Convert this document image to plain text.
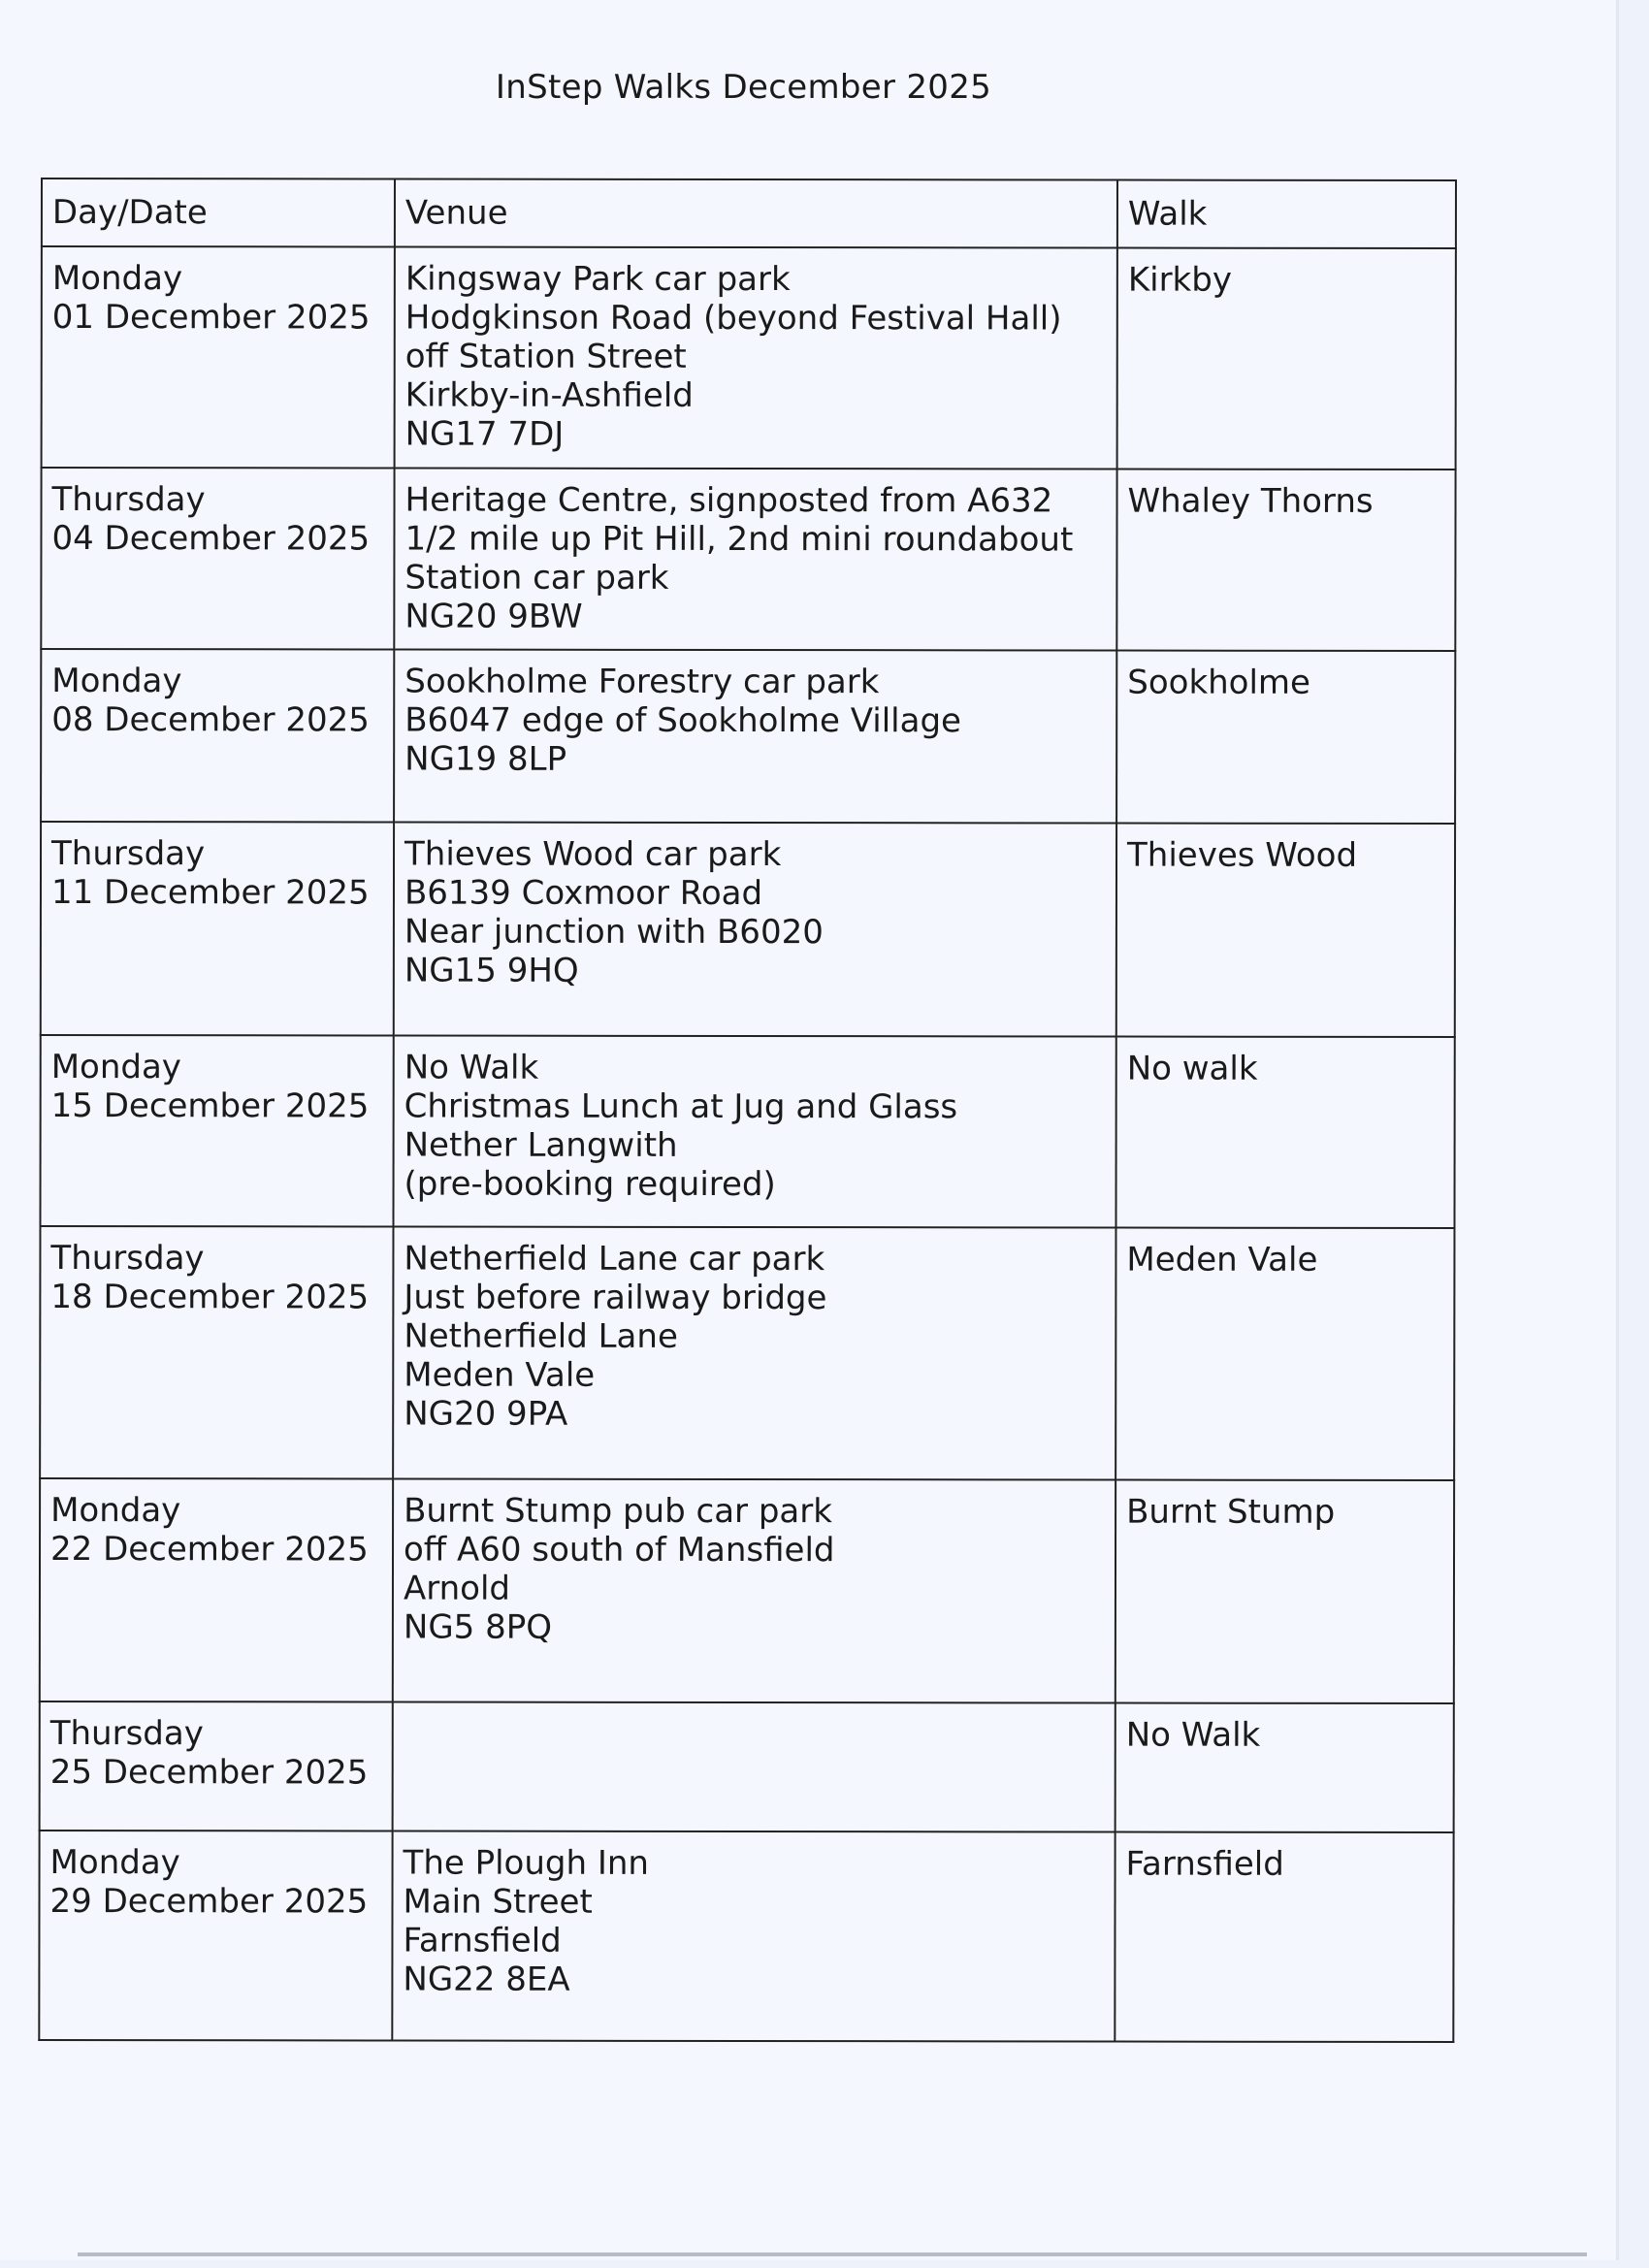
InStep Walks December 2025
Day/Date	Venue	Walk

Monday
01 December 2025	Kingsway Park car park
Hodgkinson Road (beyond Festival Hall)
off Station Street
Kirkby-in-Ashfield
NG17 7DJ	Kirkby

Thursday
04 December 2025	Heritage Centre, signposted from A632
1/2 mile up Pit Hill, 2nd mini roundabout
Station car park
NG20 9BW	Whaley Thorns

Monday
08 December 2025	Sookholme Forestry car park
B6047 edge of Sookholme Village
NG19 8LP	Sookholme

Thursday
11 December 2025	Thieves Wood car park
B6139 Coxmoor Road
Near junction with B6020
NG15 9HQ	Thieves Wood

Monday
15 December 2025	No Walk
Christmas Lunch at Jug and Glass
Nether Langwith
(pre-booking required)	No walk

Thursday
18 December 2025	Netherfield Lane car park
Just before railway bridge
Netherfield Lane
Meden Vale
NG20 9PA	Meden Vale

Monday
22 December 2025	Burnt Stump pub car park
off A60 south of Mansfield
Arnold
NG5 8PQ	Burnt Stump

Thursday
25 December 2025		No Walk

Monday
29 December 2025	The Plough Inn
Main Street
Farnsfield
NG22 8EA	Farnsfield
